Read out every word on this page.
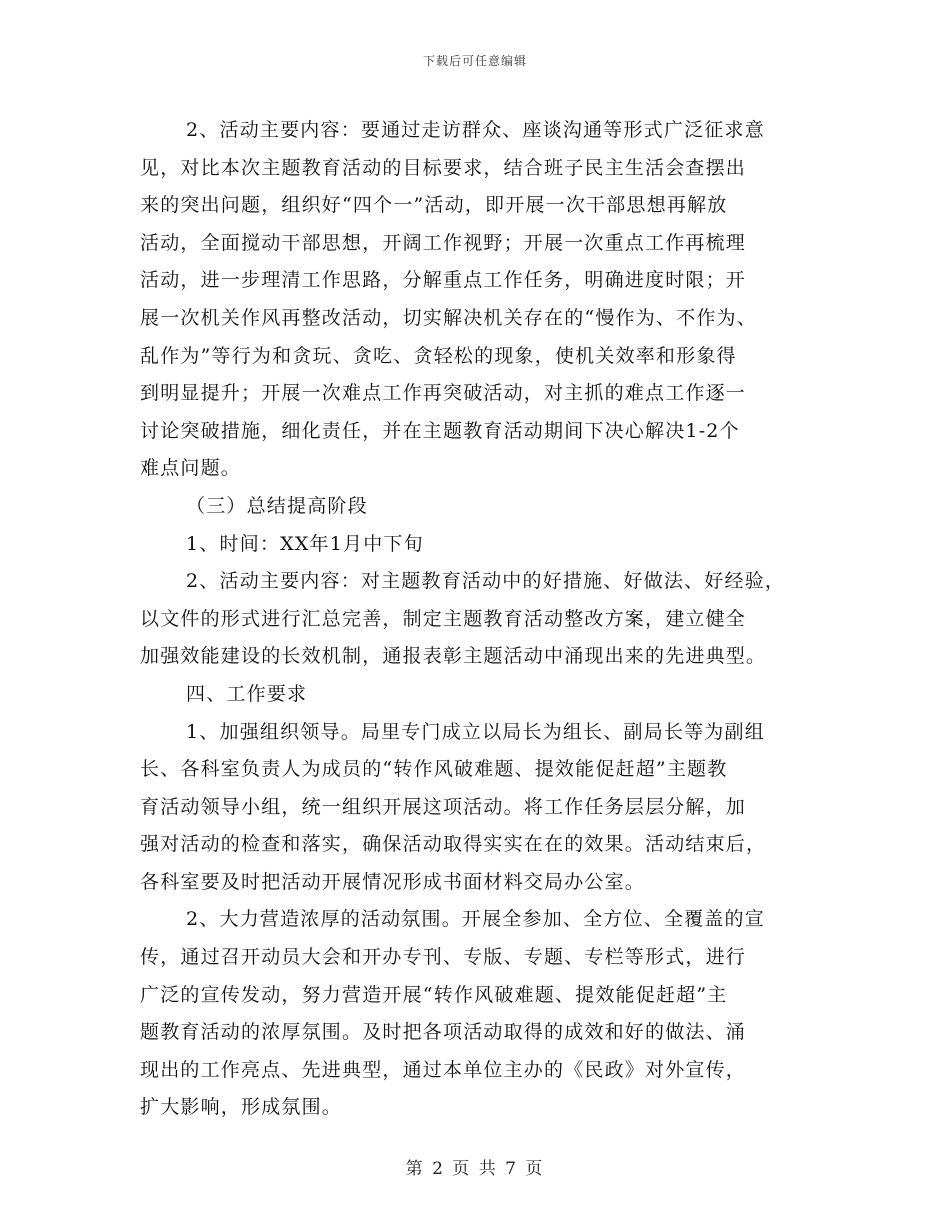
下载后可任意编辑
2、活动主要内容：要通过走访群众、座谈沟通等形式广泛征求意
见，对比本次主题教育活动的目标要求，结合班子民主生活会查摆出
来的突出问题，组织好“四个一”活动，即开展一次干部思想再解放
活动，全面搅动干部思想，开阔工作视野；开展一次重点工作再梳理
活动，进一步理清工作思路，分解重点工作任务，明确进度时限；开
展一次机关作风再整改活动，切实解决机关存在的“慢作为、不作为、
乱作为”等行为和贪玩、贪吃、贪轻松的现象，使机关效率和形象得
到明显提升；开展一次难点工作再突破活动，对主抓的难点工作逐一
讨论突破措施，细化责任，并在主题教育活动期间下决心解决1-2个
难点问题。
（三）总结提高阶段
1、时间：XX年1月中下旬
2、活动主要内容：对主题教育活动中的好措施、好做法、好经验，
以文件的形式进行汇总完善，制定主题教育活动整改方案，建立健全
加强效能建设的长效机制，通报表彰主题活动中涌现出来的先进典型。
四、工作要求
1、加强组织领导。局里专门成立以局长为组长、副局长等为副组
长、各科室负责人为成员的“转作风破难题、提效能促赶超”主题教
育活动领导小组，统一组织开展这项活动。将工作任务层层分解，加
强对活动的检查和落实，确保活动取得实实在在的效果。活动结束后，
各科室要及时把活动开展情况形成书面材料交局办公室。
2、大力营造浓厚的活动氛围。开展全参加、全方位、全覆盖的宣
传，通过召开动员大会和开办专刊、专版、专题、专栏等形式，进行
广泛的宣传发动，努力营造开展“转作风破难题、提效能促赶超”主
题教育活动的浓厚氛围。及时把各项活动取得的成效和好的做法、涌
现出的工作亮点、先进典型，通过本单位主办的《民政》对外宣传，
扩大影响，形成氛围。
第 2 页 共 7 页
